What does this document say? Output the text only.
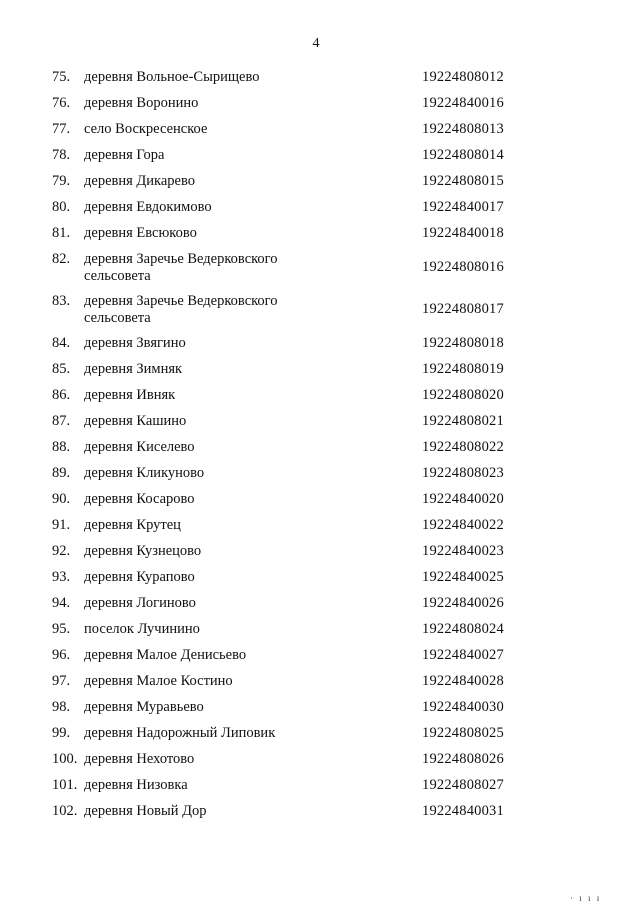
4
75. деревня Вольное-Сырищево	19224808012
76. деревня Воронино	19224840016
77. село Воскресенское	19224808013
78. деревня Гора	19224808014
79. деревня Дикарево	19224808015
80. деревня Евдокимово	19224840017
81. деревня Евсюково	19224840018
82. деревня Заречье Ведерковского сельсовета
19224808016
83. деревня Заречье Ведерковского сельсовета
19224808017
84. деревня Звягино	19224808018
85. деревня Зимняк	19224808019
86. деревня Ивняк	19224808020
87. деревня Кашино	19224808021
88. деревня Киселево	19224808022
89. деревня Кликуново	19224808023
90. деревня Косарово	19224840020
91. деревня Крутец	19224840022
92. деревня Кузнецово	19224840023
93. деревня Курапово	19224840025
94. деревня Логиново	19224840026
95. поселок Лучинино	19224808024
96. деревня Малое Денисьево	19224840027
97. деревня Малое Костино	19224840028
98. деревня Муравьево	19224840030
99. деревня Надорожный Липовик	19224808025
100. деревня Нехотово	19224808026
101. деревня Низовка	19224808027
102. деревня Новый Дор	19224840031
· ı ı ı
